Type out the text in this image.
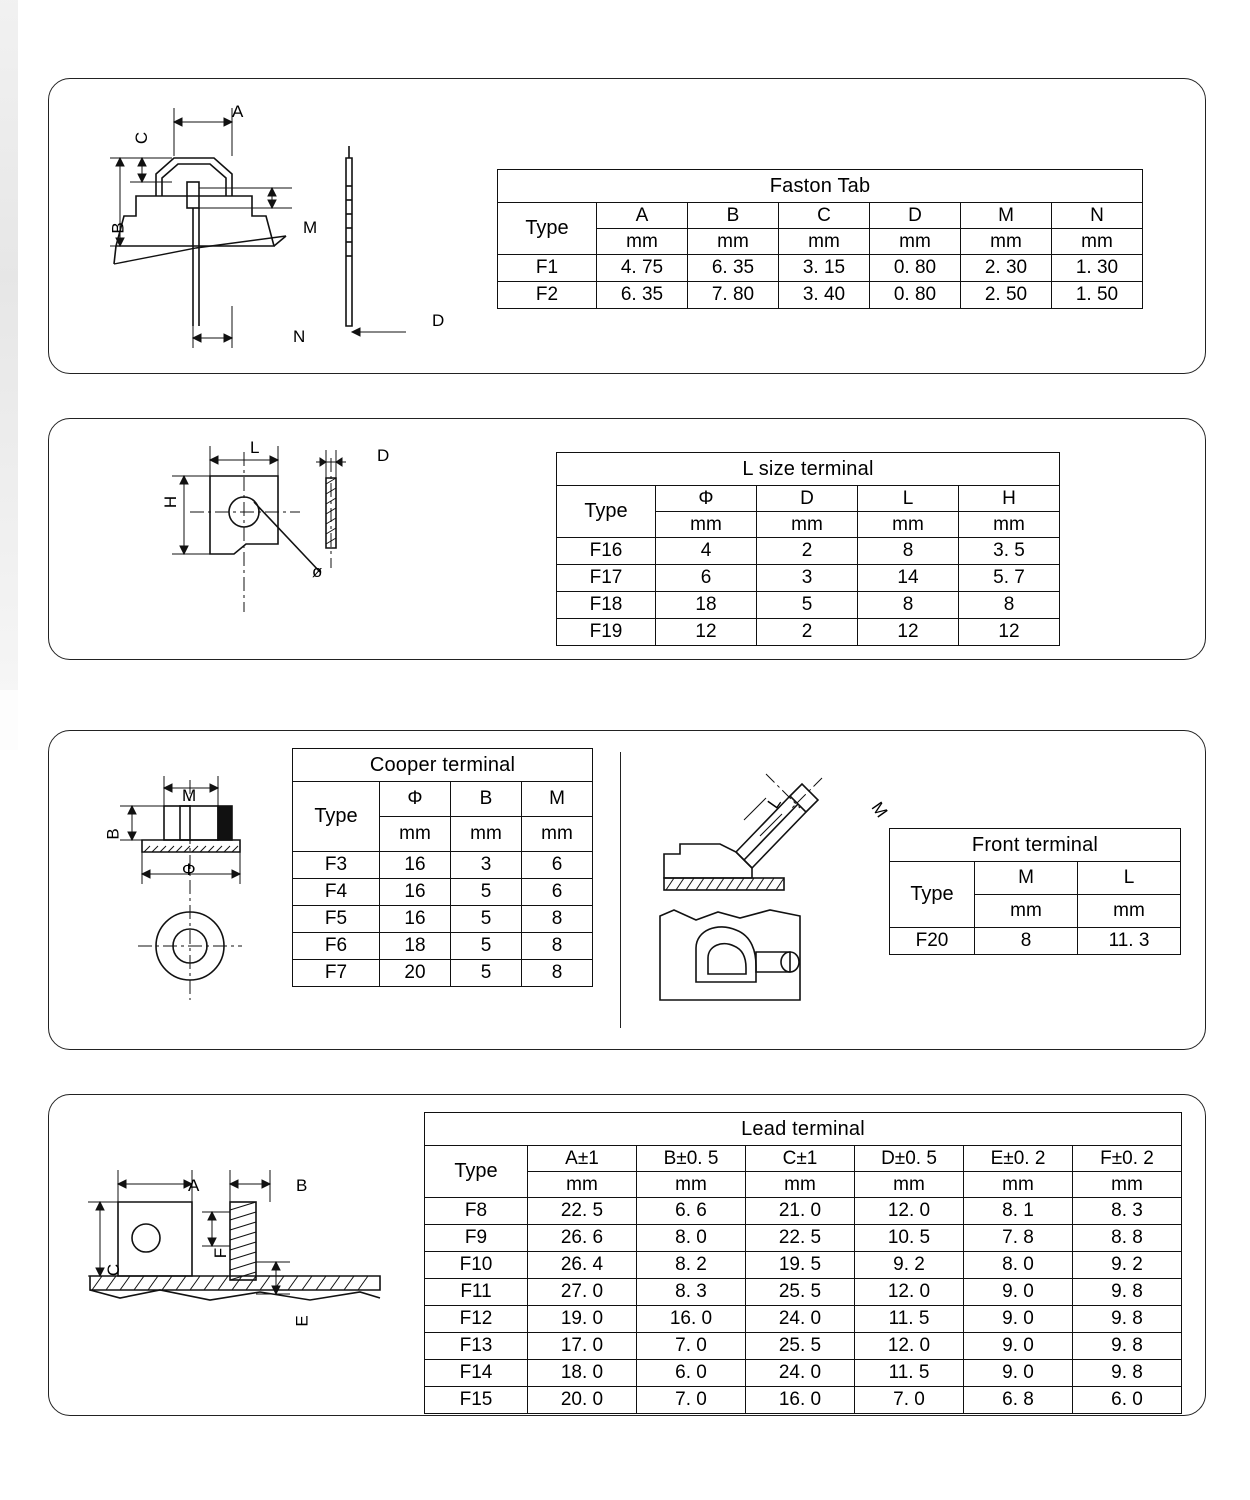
A
B
C
M
N
D
Faston Tab						
Type	A	B	C	D	M	N
	mm	mm	mm	mm	mm	mm
F1	4. 75	6. 35	3. 15	0. 80	2. 30	1. 30
F2	6. 35	7. 80	3. 40	0. 80	2. 50	1. 50
L	D
H
ø
L size terminal				
Type	Φ	D	L	H
	mm	mm	mm	mm
F16	4	2	8	3. 5
F17	6	3	14	5. 7
F18	18	5	8	8
F19	12	2	12	12
M
B
Φ
Cooper terminal			
Type	Φ	B	M
	mm	mm	mm
F3	16	3	6
F4	16	5	6
F5	16	5	8
F6	18	5	8
F7	20	5	8
L	M
Front terminal		
Type	M	L
	mm	mm
F20	8	11. 3
A	B
C
E
F
Lead terminal						
Type	A±1	B±0. 5	C±1	D±0. 5	E±0. 2	F±0. 2
	mm	mm	mm	mm	mm	mm
F8	22. 5	6. 6	21. 0	12. 0	8. 1	8. 3
F9	26. 6	8. 0	22. 5	10. 5	7. 8	8. 8
F10	26. 4	8. 2	19. 5	9. 2	8. 0	9. 2
F11	27. 0	8. 3	25. 5	12. 0	9. 0	9. 8
F12	19. 0	16. 0	24. 0	11. 5	9. 0	9. 8
F13	17. 0	7. 0	25. 5	12. 0	9. 0	9. 8
F14	18. 0	6. 0	24. 0	11. 5	9. 0	9. 8
F15	20. 0	7. 0	16. 0	7. 0	6. 8	6. 0
